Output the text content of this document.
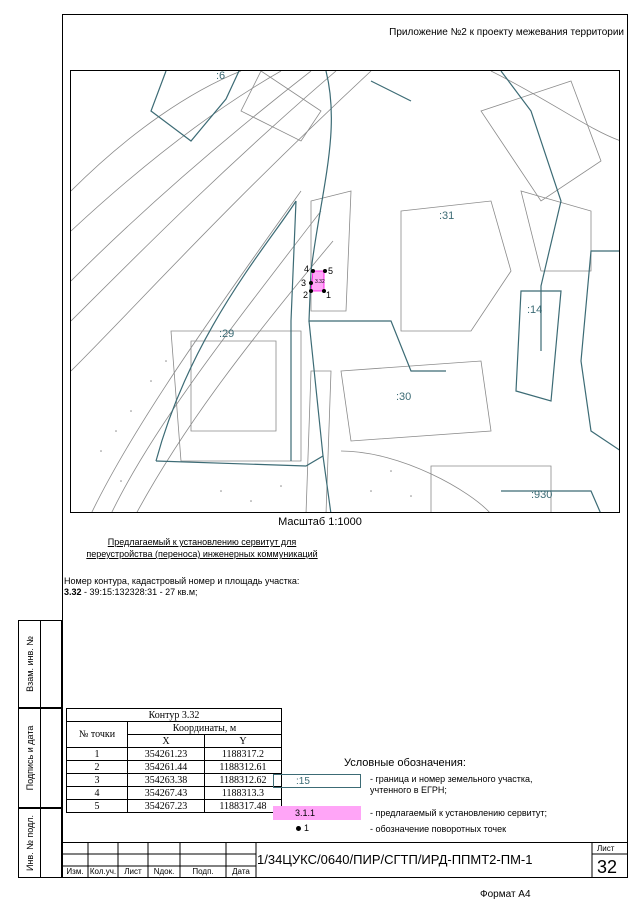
Приложение №2 к проекту межевания территории
:6
:31
:14
:29
:30
:930
3.32
1
2
3
4 5
Масштаб 1:1000
Предлагаемый к установлению сервитут для
переустройства (переноса) инженерных коммуникаций
Номер контура, кадастровый номер и площадь участка:
3.32 - 39:15:132328:31 - 27 кв.м;
Взам. инв. №
Подпись и дата
Инв. № подл.
Контур 3.32		
№ точки	Координаты, м	
	X	Y
1	354261.23	1188317.2
2	354261.44	1188312.61
3	354263.38	1188312.62
4	354267.43	1188313.3
5	354267.23	1188317.48
Условные обозначения:
:15	- граница и номер земельного участка,
учтенного в ЕГРН;
3.1.1	- предлагаемый к установлению сервитут;
1	- обозначение поворотных точек
Изм. Кол.уч.	Лист	Nдок.	Подп.	Дата
1/34ЦУКС/0640/ПИР/СГТП/ИРД-ППМТ2-ПМ-1
Лист
32
Формат А4
